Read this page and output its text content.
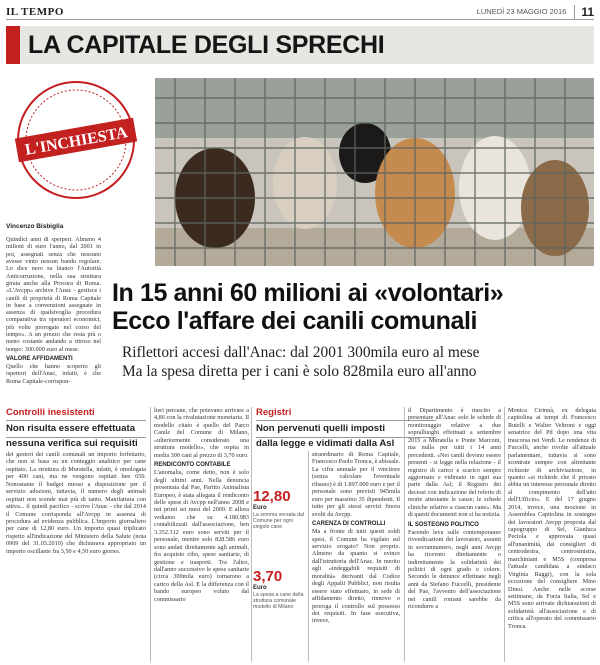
IL TEMPO	LUNEDÌ 23 MAGGIO 2016	11
LA CAPITALE DEGLI SPRECHI
L'INCHIESTA
Vincenzo Bisbiglia

Quindici anni di sperperi. Almeno 4 milioni di euro l'anno, dal 2001 in poi, assegnati senza che nessuno avesse vinto nessun bando regolare. Lo dice nero su bianco l'Autorità Anticorruzione, nella sua struttura girata anche alla Procura di Roma. «L'Avcpp» archive l'Anac - gestisce i canili di proprietà di Roma Capitale in base a convenzioni assegnate in assenza di qualsivoglia procedura comparativa tra operatori economici, più volte prorogate nel corso del tempo». A un prezzo che resta più o meno costante andando a ritroso nel tempo: 300.000 euro al mese.

VALORE AFFIDAMENTI

Quello che hanno scoperto gli ispettori dell'Anac, infatti, è che Roma Capitale-corrispon-

In 15 anni 60 milioni ai «volontari»
Ecco l'affare dei canili comunali
Riflettori accesi dall'Anac: dal 2001 300mila euro al mese
Ma la spesa diretta per i cani è solo 828mila euro all'anno
Controlli inesistenti
Non risulta essere effettuata
nessuna verifica sui requisiti

dei gestori dei canili comunali un importo forfettario, che non si basa su un conteggio analitico per cane ospitato. La struttura di Muratella, infatti, è omologata per 400 cani, ma ne vengono ospitati ben 650. Nonostante il budget messo a disposizione per il servizio adozioni, tuttavia, il numero degli animali ospitati non scende mai più di tanto. Manifattura con attiva... il quindi pacifico - scrive l'Anac - che dal 2014 il Comune corrisponda all'Avcpp in assenza di procedura ad evidenza pubblica. L'importo giornaliero per cane di 12,80 euro. Un importo quasi triplicato rispetto all'indicazione del Ministero della Salute (nota 0909 del 31.03.2010) che dichiarava appropriato un importo oscillante fra 3,50 e 4,50 euro giorno.

lieri percane, che potevano arrivare a 4,86 con la rivalutazione monetaria. Il modello citato è quello del Parco Canile del Comune di Milano, «ulteriormente considerato una struttura modello», che ospita in media 300 cani al prezzo di 3,70 euro.

RENDICONTO CONTABILE

L'anomalia, come detto, non è solo degli ultimi anni. Nella denuncia presentata dal Pae, Partito Animalista Europeo, è stata allegata il rendiconto delle spese di Avcpp nell'anno 2008 e nei primi sei mesi del 2009. E allora vediamo che su 4.180.983 contabilizzati dall'associazione, ben 3.352.312 euro sono serviti per il personale, mentre solo 828.586 euro sono andati direttamente agli animali, fra acquisto cibo, spese sanitarie, di gestione e trasporti. Tra l'altro, dall'anno successivo le spese sanitarie (circa 300mila euro) tornarono a carico della Asl. E la differenza con il bando europeo voluto dal commissario

Registri
Non pervenuti quelli imposti
dalla legge e vidimati dalla Asl
12,80
Euro
La somma versata dal Comune per ogni singolo cane
3,70
Euro
La spesa a cane della struttura comunale modello di Milano

straordinario di Roma Capitale, Francesco Paolo Tronca, è abissale. La cifra annuale per il vincitore (senza calcolare l'eventuale ribasso) è di 1.897.000 euro e per il personale sono previsti 945mila euro per massimo 35 dipendenti. Il tutto per gli stessi servizi finora svolti da Avcpp.

CARENZA DI CONTROLLI

Ma a fronte di tutti questi soldi spesi, il Comune ha vigilato sul servizio erogato? Non proprio. Almeno da quanto si evince dall'istruttoria dell'Anac. In merito agli «indeggabili requisiti di moralità» derivanti dal Codice degli Appalti Pubblici, non risulta essere stato effettuato, in sede di affidamento diretto, rinnovo o proroga il controllo sul possesso dei requisiti. In fase esecutiva, invece,

il Dipartimento è riuscito a presentare all'Anac solo le schede di monitoraggio relative a due sopralluoghi effettuati a settembre 2015 a Muratella e Ponte Marconi, ma nulla per tutti i 14 anni precedenti. «Nei canili devono essere presenti - si legge nella relazione - il registro di carico e scarico sempre aggiornato e vidimato in ogni sua parte dalla Asl; il Registro dei decessi con indicazione del referto di morte attestante le cause; le schede cliniche relative a ciascun cane». Ma di questi documenti non si ha notizia.

IL SOSTEGNO POLITICO

Facendo leva sulle contemporanee rivendicazioni dei lavoratori, assunti in sovrannumero, negli anni Avcpp ha ricevuto direttamente o indirettamente la solidarietà dei politici di ogni grado e colore. Secondo le denunce effettuate negli anni da Stefano Fuccelli, presidente del Pae, l'avvento dell'associazione nei canili romani sarebbe da ricondurre a

Monica Cirinnà, ex delegata capitolina ai tempi di Francesco Rutelli e Walter Veltroni e oggi senatrice del Pd dopo una vita trascorsa nei Verdi. Le rendenze di Fuccelli, anche rivolte all'attuale parlamentare, tuttavia si sono scontrate sempre con altrettante richieste di archiviazione, in quanto «si richiede che il privato abbia un interesse personale diretto al compimento dell'atto dell'Ufficio». E del 17 giugno 2014, invece, una mozione in Assemblea Capitolina in sostegno dei lavoratori Avcpp proposta dal capogruppo di Sel, Gianluca Peciola e approvata quasi all'unanimità, dai consiglieri di centrodestra, centrosinistra, marchiniani e M5S (compresa l'attuale candidata a sindaco Virginia Raggi), con la sola eccezione del consigliere Mino Dinoi. Anche nelle scorse settimane, da Forza Italia, Sel e M5S sono arrivate dichiarazioni di solidarietà all'associazione e di critica all'operato del commissario Tronca.
